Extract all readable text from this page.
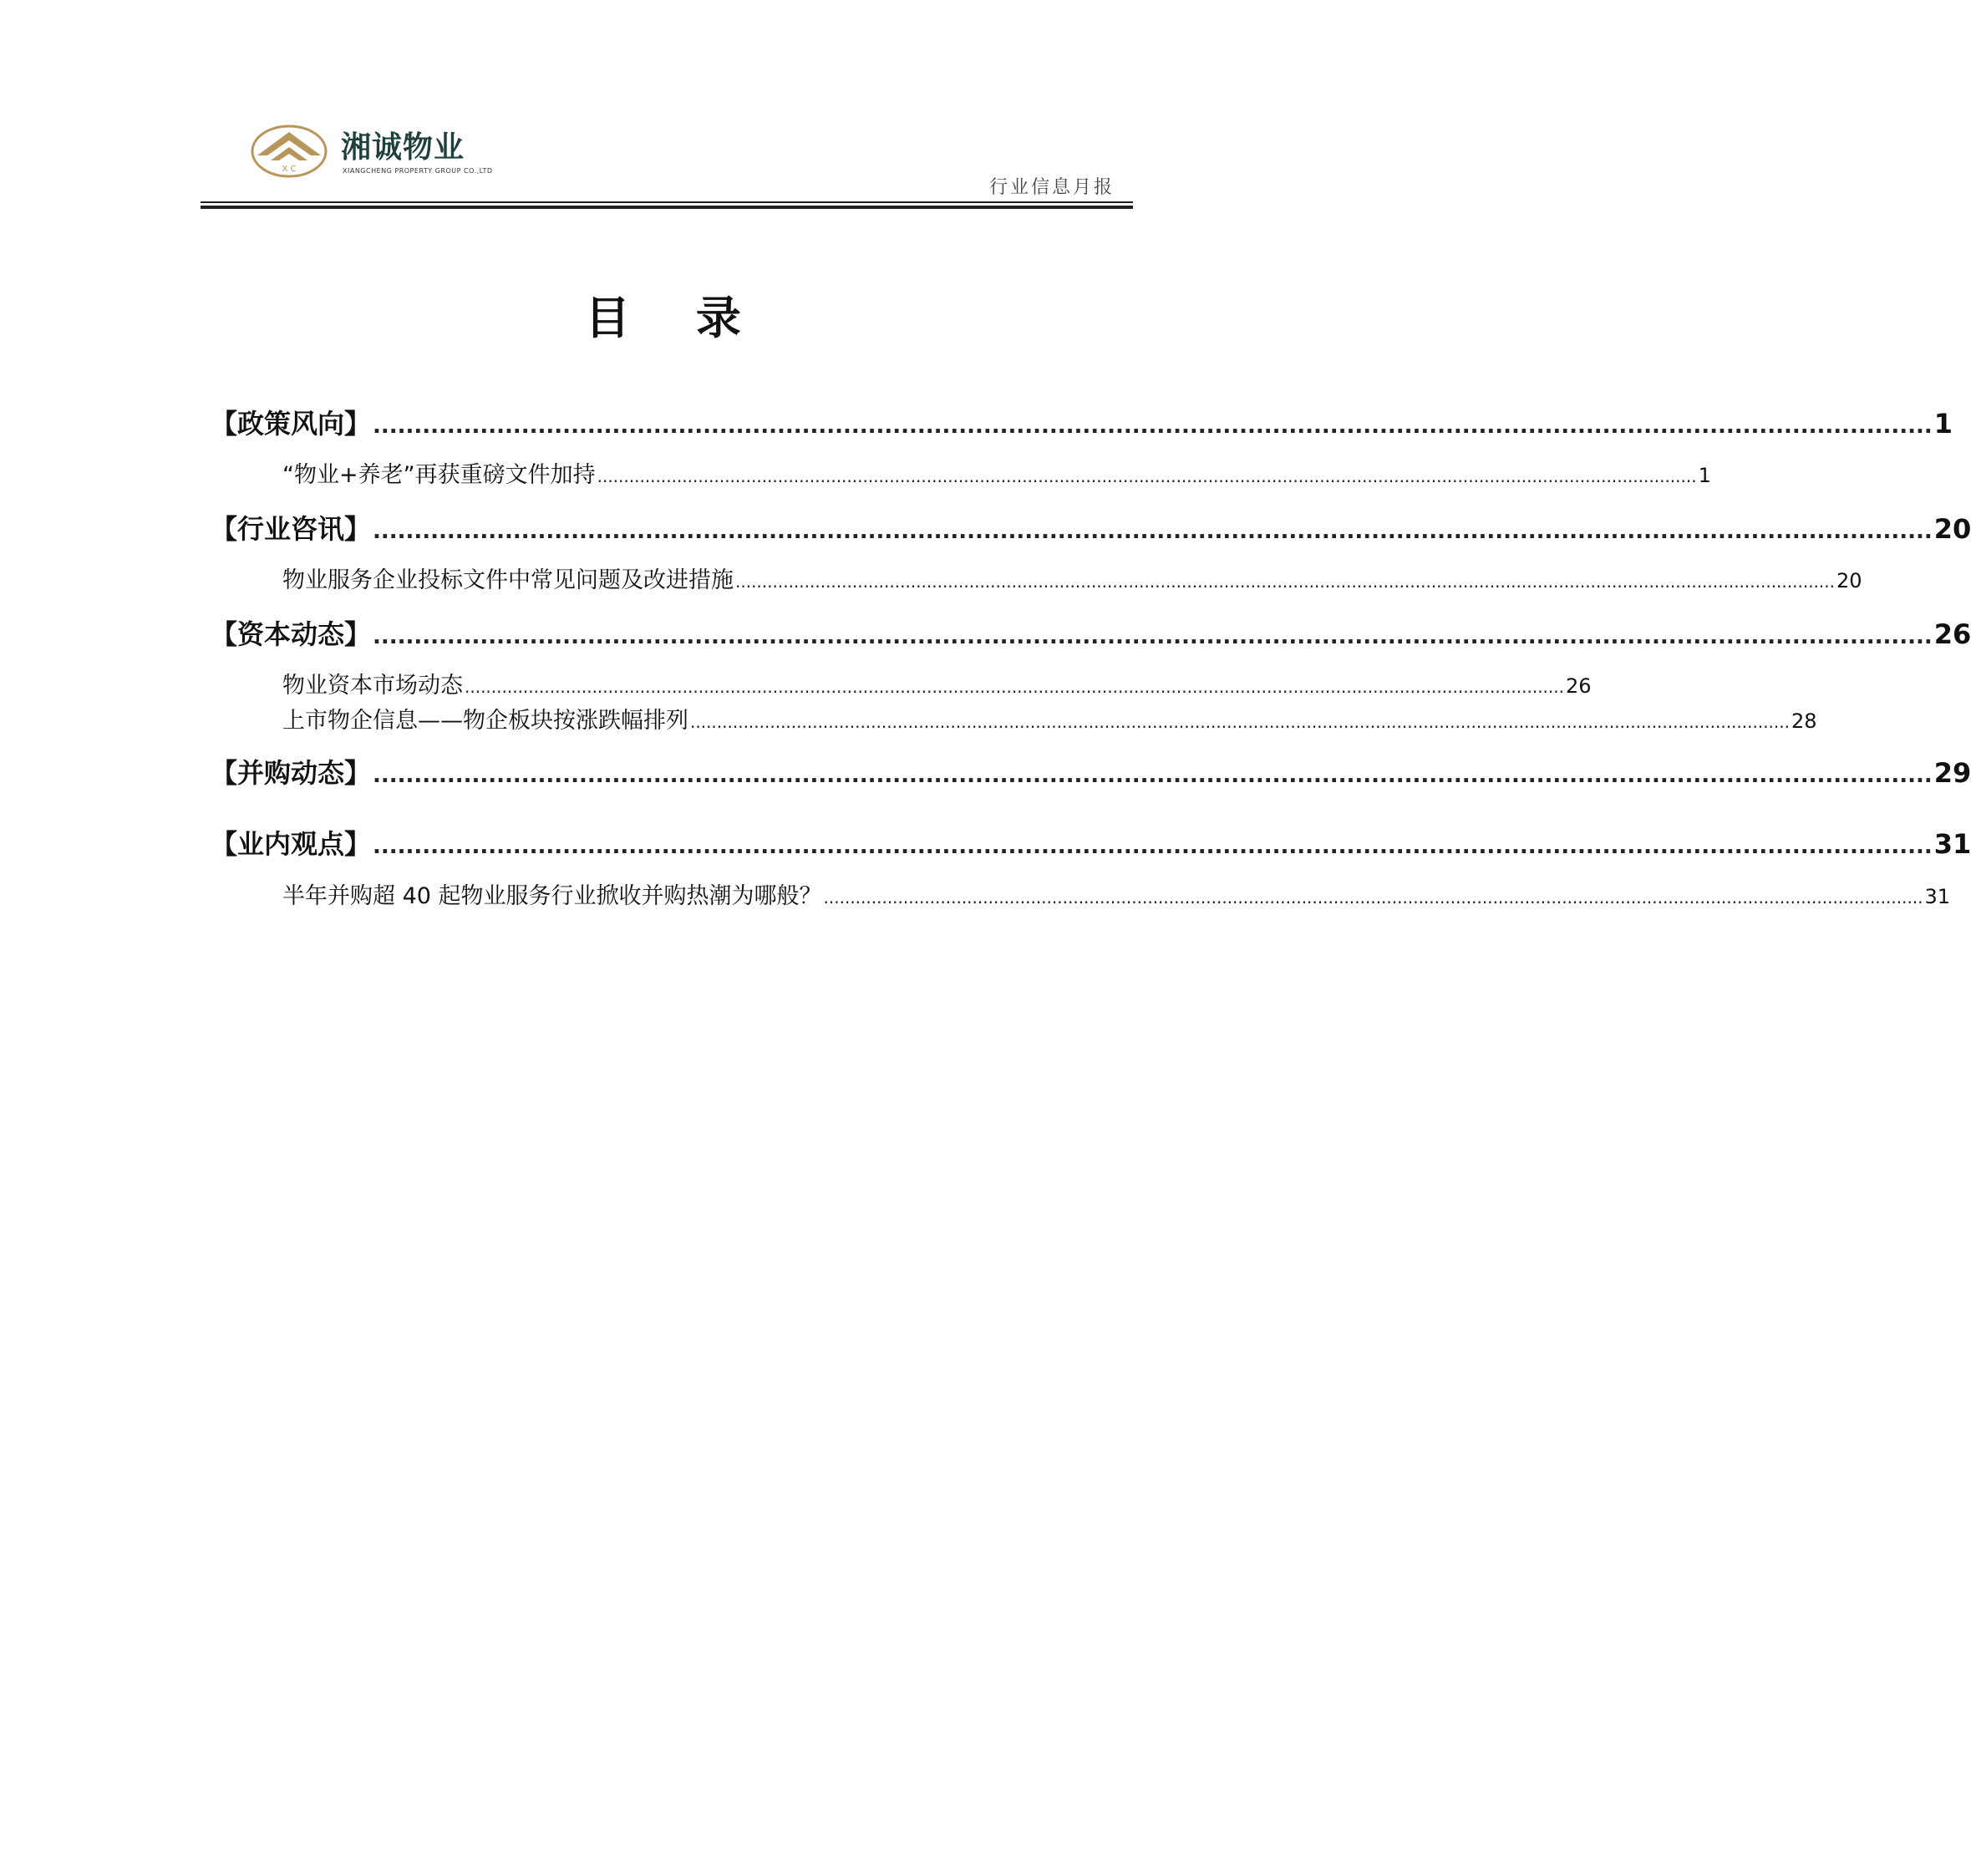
X C
湘诚物业
XIANGCHENG PROPERTY GROUP CO.,LTD
行业信息月报
目 录
【政策风向】 ............................................................................................................................................................................................. 1
“物业+养老”再获重磅文件加持 ............................................................................................................................................................................................................... 1
【行业咨讯】 ............................................................................................................................................................................................. 20
物业服务企业投标文件中常见问题及改进措施 ............................................................................................................................................................................................................... 20
【资本动态】 ............................................................................................................................................................................................. 26
物业资本市场动态 ............................................................................................................................................................................................................... 26
上市物企信息——物企板块按涨跌幅排列 ............................................................................................................................................................................................................... 28
【并购动态】 ............................................................................................................................................................................................. 29
【业内观点】 ............................................................................................................................................................................................. 31
半年并购超 40 起物业服务行业掀收并购热潮为哪般？ ............................................................................................................................................................................................................... 31
